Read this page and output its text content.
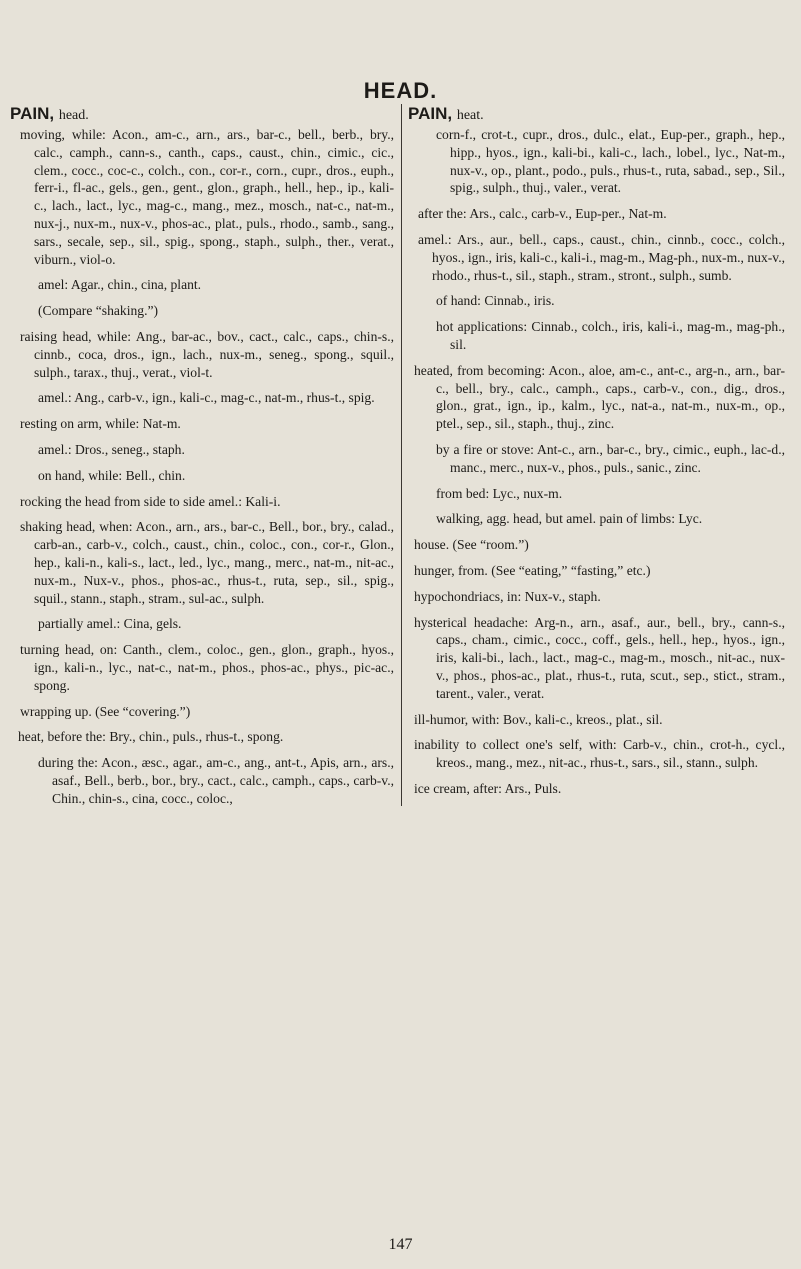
HEAD.
PAIN, head.

moving, while: Acon., am-c., arn., ars., bar-c., bell., berb., bry., calc., camph., cann-s., canth., caps., caust., chin., cimic., cic., clem., cocc., coc-c., colch., con., cor-r., corn., cupr., dros., euph., ferr-i., fl-ac., gels., gen., gent., glon., graph., hell., hep., ip., kali-c., lach., lact., lyc., mag-c., mang., mez., mosch., nat-c., nat-m., nux-j., nux-m., nux-v., phos-ac., plat., puls., rhodo., samb., sang., sars., secale, sep., sil., spig., spong., staph., sulph., ther., verat., viburn., viol-o.

amel: Agar., chin., cina, plant.

(Compare “shaking.”)

raising head, while: Ang., bar-ac., bov., cact., calc., caps., chin-s., cinnb., coca, dros., ign., lach., nux-m., seneg., spong., squil., sulph., tarax., thuj., verat., viol-t.

amel.: Ang., carb-v., ign., kali-c., mag-c., nat-m., rhus-t., spig.

resting on arm, while: Nat-m.

amel.: Dros., seneg., staph.

on hand, while: Bell., chin.

rocking the head from side to side amel.: Kali-i.

shaking head, when: Acon., arn., ars., bar-c., Bell., bor., bry., calad., carb-an., carb-v., colch., caust., chin., coloc., con., cor-r., Glon., hep., kali-n., kali-s., lact., led., lyc., mang., merc., nat-m., nit-ac., nux-m., Nux-v., phos., phos-ac., rhus-t., ruta, sep., sil., spig., squil., stann., staph., stram., sul-ac., sulph.

partially amel.: Cina, gels.

turning head, on: Canth., clem., coloc., gen., glon., graph., hyos., ign., kali-n., lyc., nat-c., nat-m., phos., phos-ac., phys., pic-ac., spong.

wrapping up. (See “covering.”)

heat, before the: Bry., chin., puls., rhus-t., spong.

during the: Acon., æsc., agar., am-c., ang., ant-t., Apis, arn., ars., asaf., Bell., berb., bor., bry., cact., calc., camph., caps., carb-v., Chin., chin-s., cina, cocc., coloc.,

PAIN, heat.

corn-f., crot-t., cupr., dros., dulc., elat., Eup-per., graph., hep., hipp., hyos., ign., kali-bi., kali-c., lach., lobel., lyc., Nat-m., nux-v., op., plant., podo., puls., rhus-t., ruta, sabad., sep., Sil., spig., sulph., thuj., valer., verat.

after the: Ars., calc., carb-v., Eup-per., Nat-m.

amel.: Ars., aur., bell., caps., caust., chin., cinnb., cocc., colch., hyos., ign., iris, kali-c., kali-i., mag-m., Mag-ph., nux-m., nux-v., rhodo., rhus-t., sil., staph., stram., stront., sulph., sumb.

of hand: Cinnab., iris.

hot applications: Cinnab., colch., iris, kali-i., mag-m., mag-ph., sil.

heated, from becoming: Acon., aloe, am-c., ant-c., arg-n., arn., bar-c., bell., bry., calc., camph., caps., carb-v., con., dig., dros., glon., grat., ign., ip., kalm., lyc., nat-a., nat-m., nux-m., op., ptel., sep., sil., staph., thuj., zinc.

by a fire or stove: Ant-c., arn., bar-c., bry., cimic., euph., lac-d., manc., merc., nux-v., phos., puls., sanic., zinc.

from bed: Lyc., nux-m.

walking, agg. head, but amel. pain of limbs: Lyc.

house. (See “room.”)

hunger, from. (See “eating,” “fasting,” etc.)

hypochondriacs, in: Nux-v., staph.

hysterical headache: Arg-n., arn., asaf., aur., bell., bry., cann-s., caps., cham., cimic., cocc., coff., gels., hell., hep., hyos., ign., iris, kali-bi., lach., lact., mag-c., mag-m., mosch., nit-ac., nux-v., phos., phos-ac., plat., rhus-t., ruta, scut., sep., stict., stram., tarent., valer., verat.

ill-humor, with: Bov., kali-c., kreos., plat., sil.

inability to collect one's self, with: Carb-v., chin., crot-h., cycl., kreos., mang., mez., nit-ac., rhus-t., sars., sil., stann., sulph.

ice cream, after: Ars., Puls.

147
